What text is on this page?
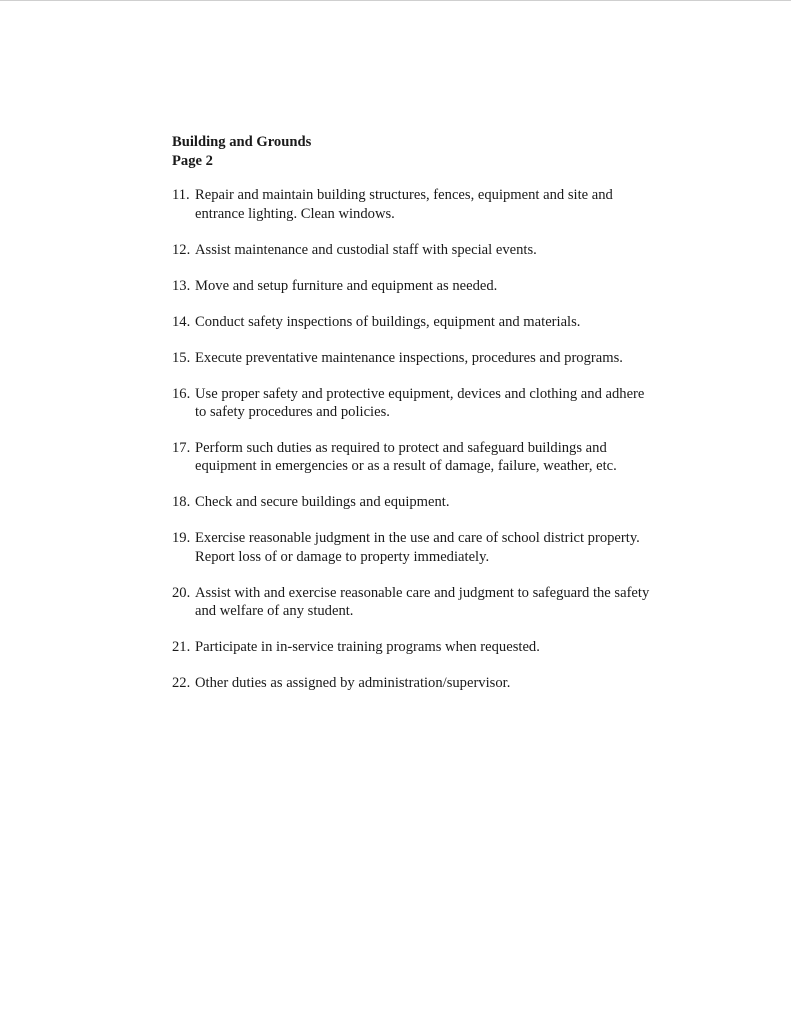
Building and Grounds
Page 2
11. Repair and maintain building structures, fences, equipment and site and
entrance lighting. Clean windows.
12. Assist maintenance and custodial staff with special events.
13. Move and setup furniture and equipment as needed.
14. Conduct safety inspections of buildings, equipment and materials.
15. Execute preventative maintenance inspections, procedures and programs.
16. Use proper safety and protective equipment, devices and clothing and adhere
to safety procedures and policies.
17. Perform such duties as required to protect and safeguard buildings and
equipment in emergencies or as a result of damage, failure, weather, etc.
18. Check and secure buildings and equipment.
19. Exercise reasonable judgment in the use and care of school district property.
Report loss of or damage to property immediately.
20. Assist with and exercise reasonable care and judgment to safeguard the safety
and welfare of any student.
21. Participate in in-service training programs when requested.
22. Other duties as assigned by administration/supervisor.
